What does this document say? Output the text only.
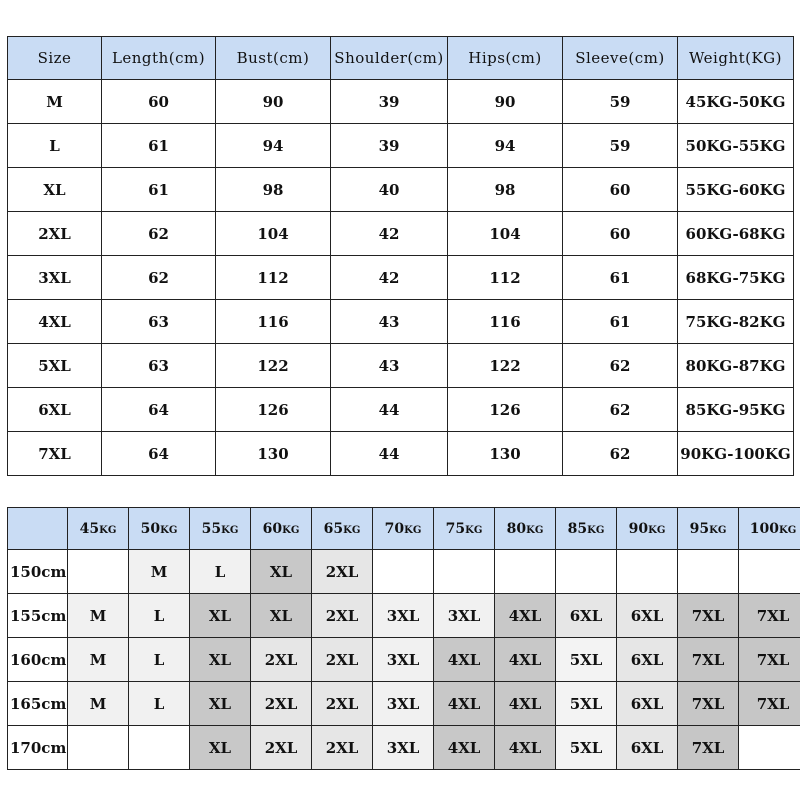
Size	Length(cm)	Bust(cm)	Shoulder(cm)	Hips(cm)	Sleeve(cm)	Weight(KG)
M	60	90	39	90	59	45KG-50KG
L	61	94	39	94	59	50KG-55KG
XL	61	98	40	98	60	55KG-60KG
2XL	62	104	42	104	60	60KG-68KG
3XL	62	112	42	112	61	68KG-75KG
4XL	63	116	43	116	61	75KG-82KG
5XL	63	122	43	122	62	80KG-87KG
6XL	64	126	44	126	62	85KG-95KG
7XL	64	130	44	130	62	90KG-100KG
	45KG	50KG	55KG	60KG	65KG	70KG	75KG	80KG	85KG	90KG	95KG	100KG
150cm		M	L	XL	2XL							
155cm	M	L	XL	XL	2XL	3XL	3XL	4XL	6XL	6XL	7XL	7XL
160cm	M	L	XL	2XL	2XL	3XL	4XL	4XL	5XL	6XL	7XL	7XL
165cm	M	L	XL	2XL	2XL	3XL	4XL	4XL	5XL	6XL	7XL	7XL
170cm			XL	2XL	2XL	3XL	4XL	4XL	5XL	6XL	7XL	
